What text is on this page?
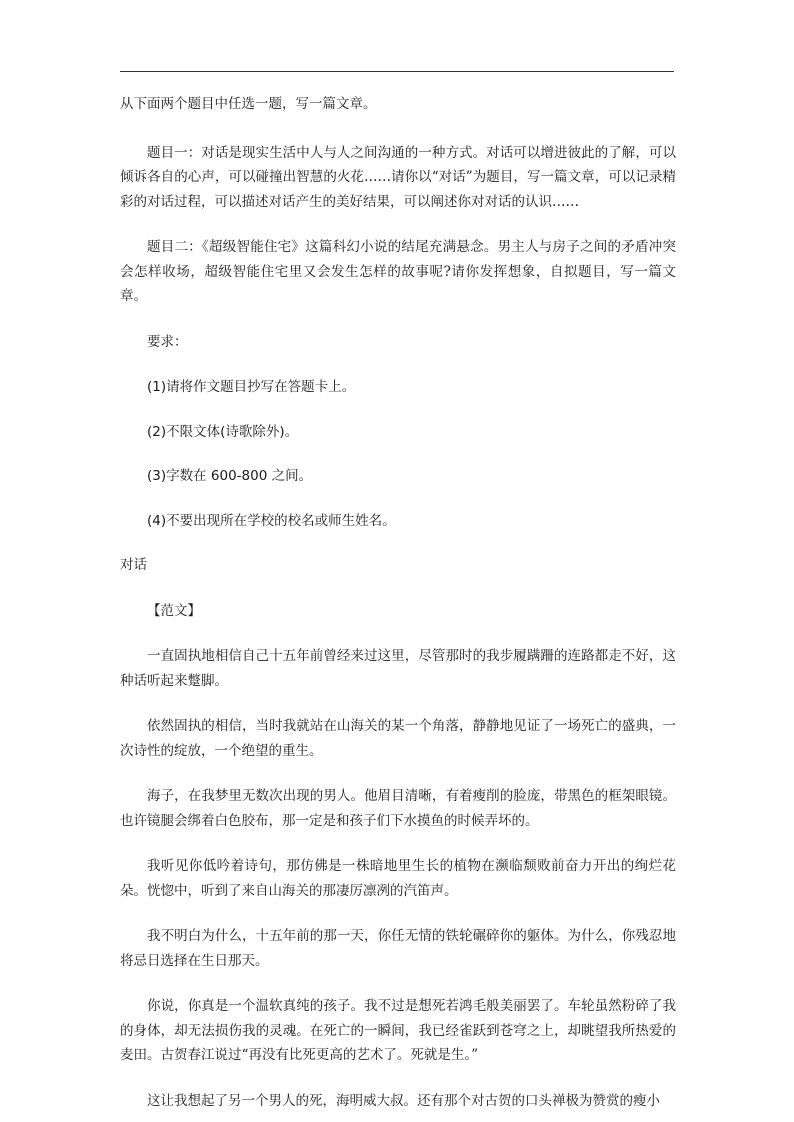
从下面两个题目中任选一题，写一篇文章。

题目一：对话是现实生活中人与人之间沟通的一种方式。对话可以增进彼此的了解，可以倾诉各自的心声，可以碰撞出智慧的火花……请你以“对话”为题目，写一篇文章，可以记录精彩的对话过程，可以描述对话产生的美好结果，可以阐述你对对话的认识……

题目二：《超级智能住宅》这篇科幻小说的结尾充满悬念。男主人与房子之间的矛盾冲突会怎样收场，超级智能住宅里又会发生怎样的故事呢?请你发挥想象，自拟题目，写一篇文章。

要求：

(1)请将作文题目抄写在答题卡上。

(2)不限文体(诗歌除外)。

(3)字数在 600-800 之间。

(4)不要出现所在学校的校名或师生姓名。

对话

【范文】

一直固执地相信自己十五年前曾经来过这里，尽管那时的我步履蹒跚的连路都走不好，这种话听起来蹩脚。

依然固执的相信，当时我就站在山海关的某一个角落，静静地见证了一场死亡的盛典，一次诗性的绽放，一个绝望的重生。

海子，在我梦里无数次出现的男人。他眉目清晰，有着瘦削的脸庞，带黑色的框架眼镜。也许镜腿会绑着白色胶布，那一定是和孩子们下水摸鱼的时候弄坏的。

我听见你低吟着诗句，那仿佛是一株暗地里生长的植物在濒临颓败前奋力开出的绚烂花朵。恍惚中，听到了来自山海关的那凄厉凛冽的汽笛声。

我不明白为什么，十五年前的那一天，你任无情的铁轮碾碎你的躯体。为什么，你残忍地将忌日选择在生日那天。

你说，你真是一个温软真纯的孩子。我不过是想死若鸿毛般美丽罢了。车轮虽然粉碎了我的身体，却无法损伤我的灵魂。在死亡的一瞬间，我已经雀跃到苍穹之上，却眺望我所热爱的麦田。古贺春江说过“再没有比死更高的艺术了。死就是生。”

这让我想起了另一个男人的死，海明威大叔。还有那个对古贺的口头禅极为赞赏的瘦小
